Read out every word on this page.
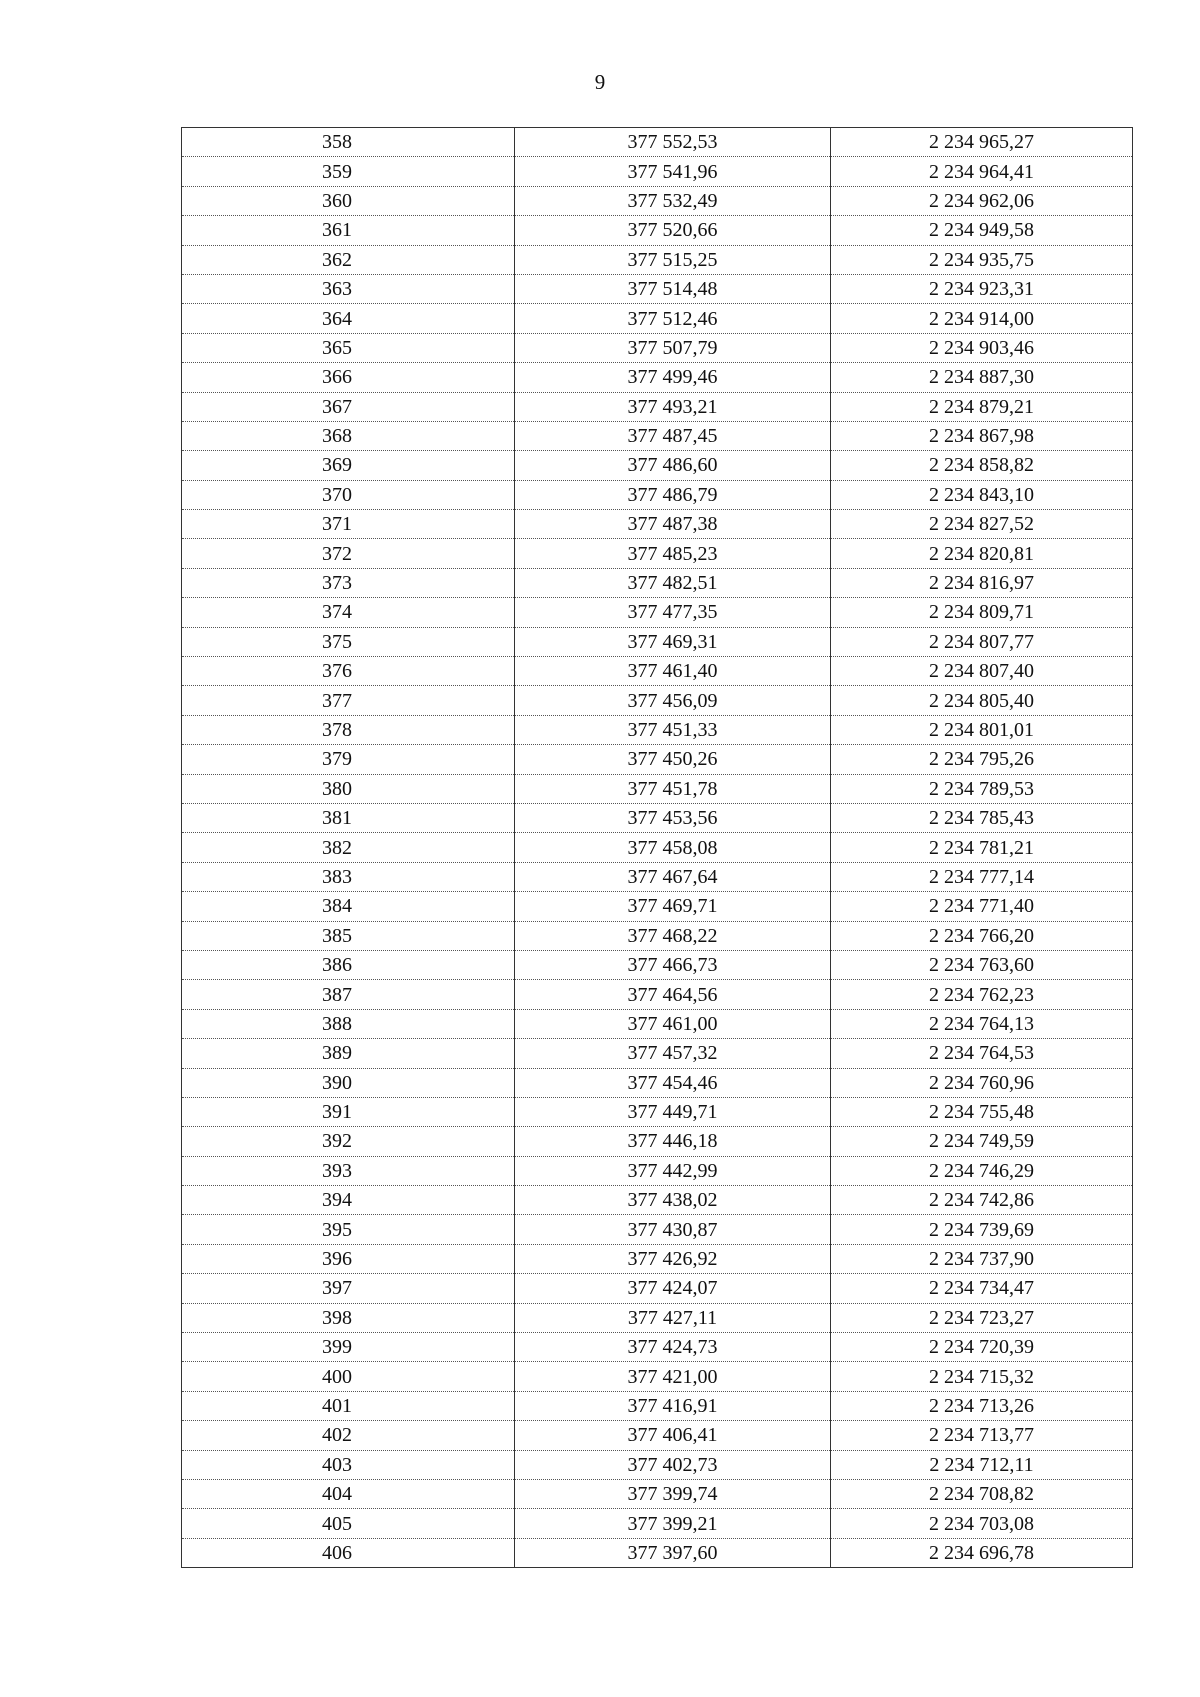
9
358	377 552,53	2 234 965,27
359	377 541,96	2 234 964,41
360	377 532,49	2 234 962,06
361	377 520,66	2 234 949,58
362	377 515,25	2 234 935,75
363	377 514,48	2 234 923,31
364	377 512,46	2 234 914,00
365	377 507,79	2 234 903,46
366	377 499,46	2 234 887,30
367	377 493,21	2 234 879,21
368	377 487,45	2 234 867,98
369	377 486,60	2 234 858,82
370	377 486,79	2 234 843,10
371	377 487,38	2 234 827,52
372	377 485,23	2 234 820,81
373	377 482,51	2 234 816,97
374	377 477,35	2 234 809,71
375	377 469,31	2 234 807,77
376	377 461,40	2 234 807,40
377	377 456,09	2 234 805,40
378	377 451,33	2 234 801,01
379	377 450,26	2 234 795,26
380	377 451,78	2 234 789,53
381	377 453,56	2 234 785,43
382	377 458,08	2 234 781,21
383	377 467,64	2 234 777,14
384	377 469,71	2 234 771,40
385	377 468,22	2 234 766,20
386	377 466,73	2 234 763,60
387	377 464,56	2 234 762,23
388	377 461,00	2 234 764,13
389	377 457,32	2 234 764,53
390	377 454,46	2 234 760,96
391	377 449,71	2 234 755,48
392	377 446,18	2 234 749,59
393	377 442,99	2 234 746,29
394	377 438,02	2 234 742,86
395	377 430,87	2 234 739,69
396	377 426,92	2 234 737,90
397	377 424,07	2 234 734,47
398	377 427,11	2 234 723,27
399	377 424,73	2 234 720,39
400	377 421,00	2 234 715,32
401	377 416,91	2 234 713,26
402	377 406,41	2 234 713,77
403	377 402,73	2 234 712,11
404	377 399,74	2 234 708,82
405	377 399,21	2 234 703,08
406	377 397,60	2 234 696,78
